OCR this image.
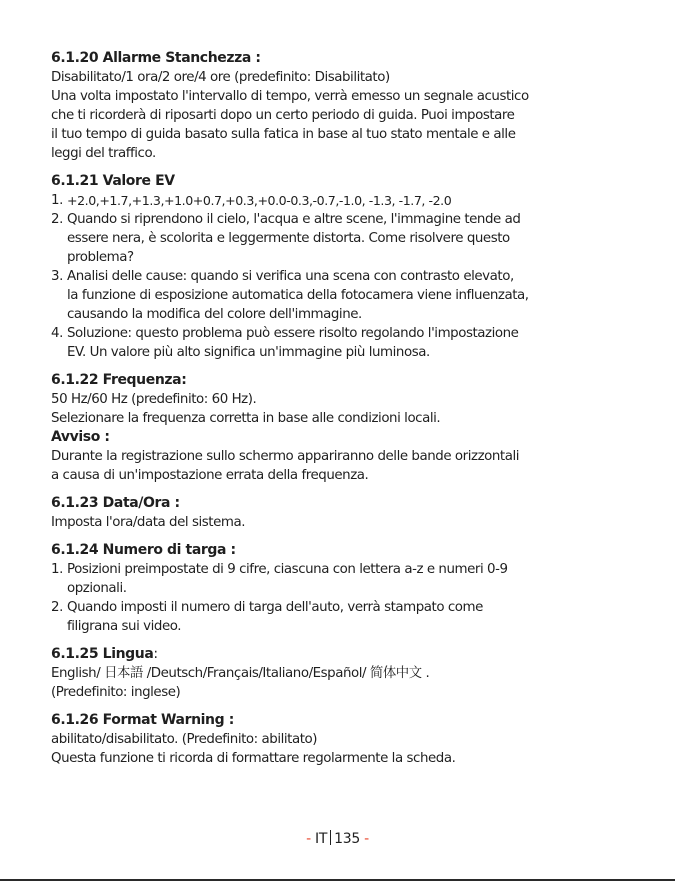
6.1.20 Allarme Stanchezza :
Disabilitato/1 ora/2 ore/4 ore (predefinito: Disabilitato)
Una volta impostato l'intervallo di tempo, verrà emesso un segnale acustico
che ti ricorderà di riposarti dopo un certo periodo di guida. Puoi impostare
il tuo tempo di guida basato sulla fatica in base al tuo stato mentale e alle
leggi del traffico.
6.1.21 Valore EV
1. +2.0,+1.7,+1.3,+1.0+0.7,+0.3,+0.0-0.3,-0.7,-1.0, -1.3, -1.7, -2.0
2. Quando si riprendono il cielo, l'acqua e altre scene, l'immagine tende ad
essere nera, è scolorita e leggermente distorta. Come risolvere questo
problema?
3. Analisi delle cause: quando si verifica una scena con contrasto elevato,
la funzione di esposizione automatica della fotocamera viene influenzata,
causando la modifica del colore dell'immagine.
4. Soluzione: questo problema può essere risolto regolando l'impostazione
EV. Un valore più alto significa un'immagine più luminosa.
6.1.22 Frequenza:
50 Hz/60 Hz (predefinito: 60 Hz).
Selezionare la frequenza corretta in base alle condizioni locali.
Avviso :
Durante la registrazione sullo schermo appariranno delle bande orizzontali
a causa di un'impostazione errata della frequenza.
6.1.23 Data/Ora :
Imposta l'ora/data del sistema.
6.1.24 Numero di targa :
1. Posizioni preimpostate di 9 cifre, ciascuna con lettera a-z e numeri 0-9
opzionali.
2. Quando imposti il numero di targa dell'auto, verrà stampato come
filigrana sui video.
6.1.25 Lingua:
English/ 日本語 /Deutsch/Français/Italiano/Español/ 简体中文 .
(Predefinito: inglese)
6.1.26 Format Warning :
abilitato/disabilitato. (Predefinito: abilitato)
Questa funzione ti ricorda di formattare regolarmente la scheda.
- IT 135 -
